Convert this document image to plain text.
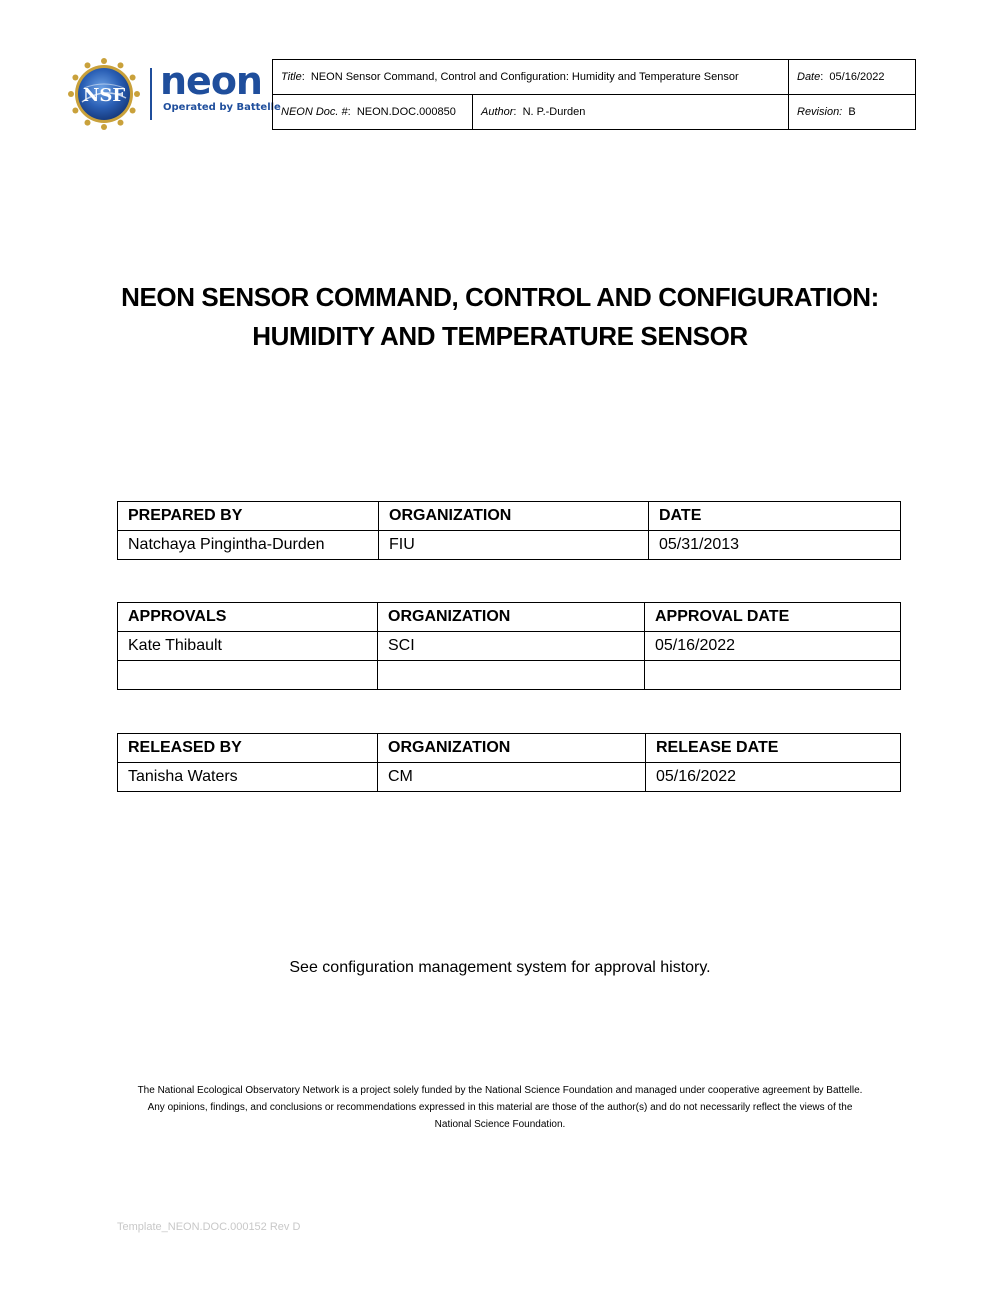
NSF neon
Operated by Battelle
Title:  NEON Sensor Command, Control and Configuration: Humidity and Temperature Sensor		Date:  05/16/2022
NEON Doc. #:  NEON.DOC.000850	Author:  N. P.-Durden	Revision: B
NEON SENSOR COMMAND, CONTROL AND CONFIGURATION:
HUMIDITY AND TEMPERATURE SENSOR
PREPARED BY	ORGANIZATION	DATE
Natchaya Pingintha-Durden	FIU	05/31/2013
APPROVALS	ORGANIZATION	APPROVAL DATE
Kate Thibault	SCI	05/16/2022

RELEASED BY	ORGANIZATION	RELEASE DATE
Tanisha Waters	CM	05/16/2022
See configuration management system for approval history.
The National Ecological Observatory Network is a project solely funded by the National Science Foundation and managed under cooperative agreement by Battelle.
Any opinions, findings, and conclusions or recommendations expressed in this material are those of the author(s) and do not necessarily reflect the views of the
National Science Foundation.
Template_NEON.DOC.000152 Rev D
